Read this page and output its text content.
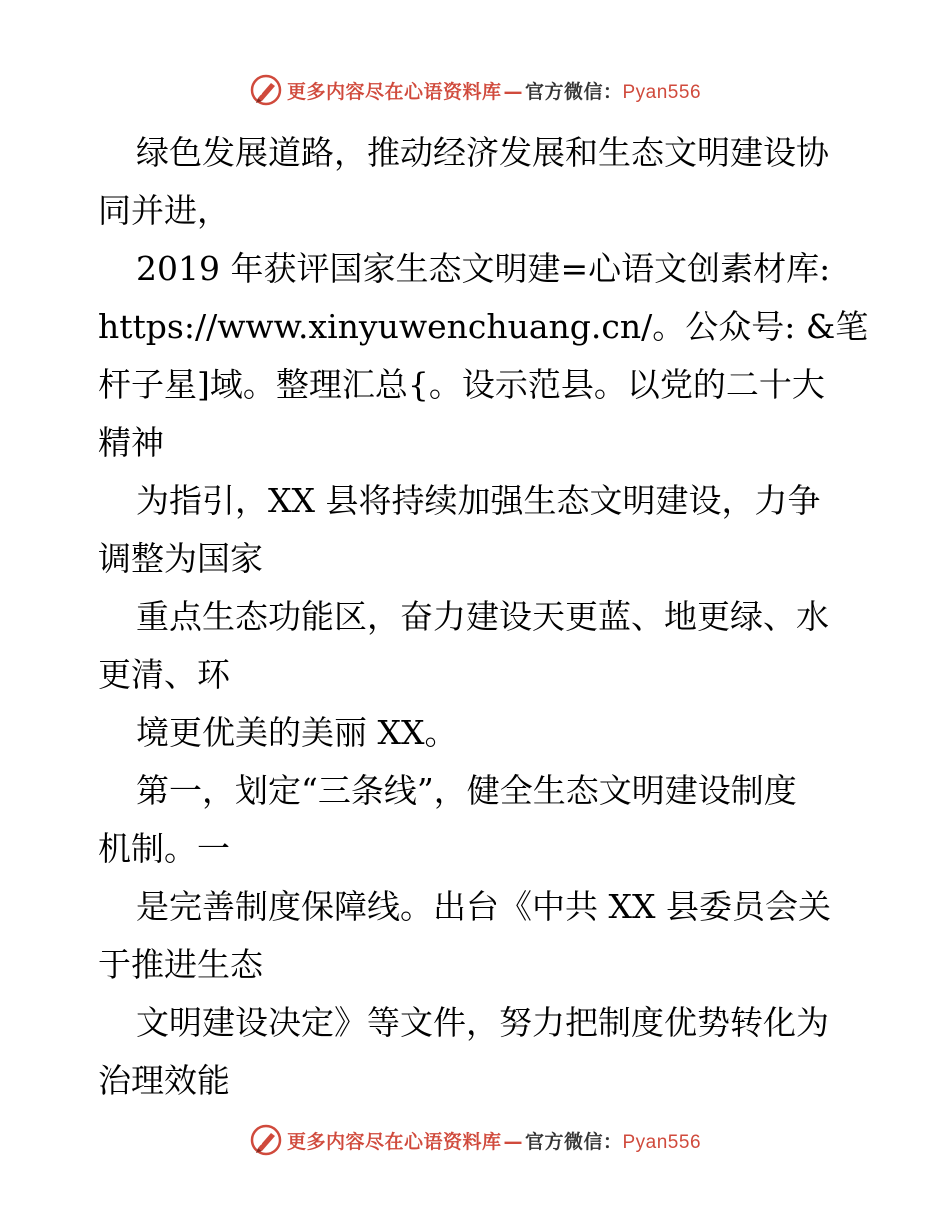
更多内容尽在心语资料库 — 官方微信：Pyan556
绿色发展道路，推动经济发展和生态文明建设协
同并进，
2019 年获评国家生态文明建=心语文创素材库:
https://www.xinyuwenchuang.cn/。公众号: &笔
杆子星]域。整理汇总{。设示范县。以党的二十大
精神
为指引，XX 县将持续加强生态文明建设，力争
调整为国家
重点生态功能区，奋力建设天更蓝、地更绿、水
更清、环
境更优美的美丽 XX。
第一，划定“三条线”，健全生态文明建设制度
机制。一
是完善制度保障线。出台《中共 XX 县委员会关
于推进生态
文明建设决定》等文件，努力把制度优势转化为
治理效能
更多内容尽在心语资料库 — 官方微信：Pyan556
